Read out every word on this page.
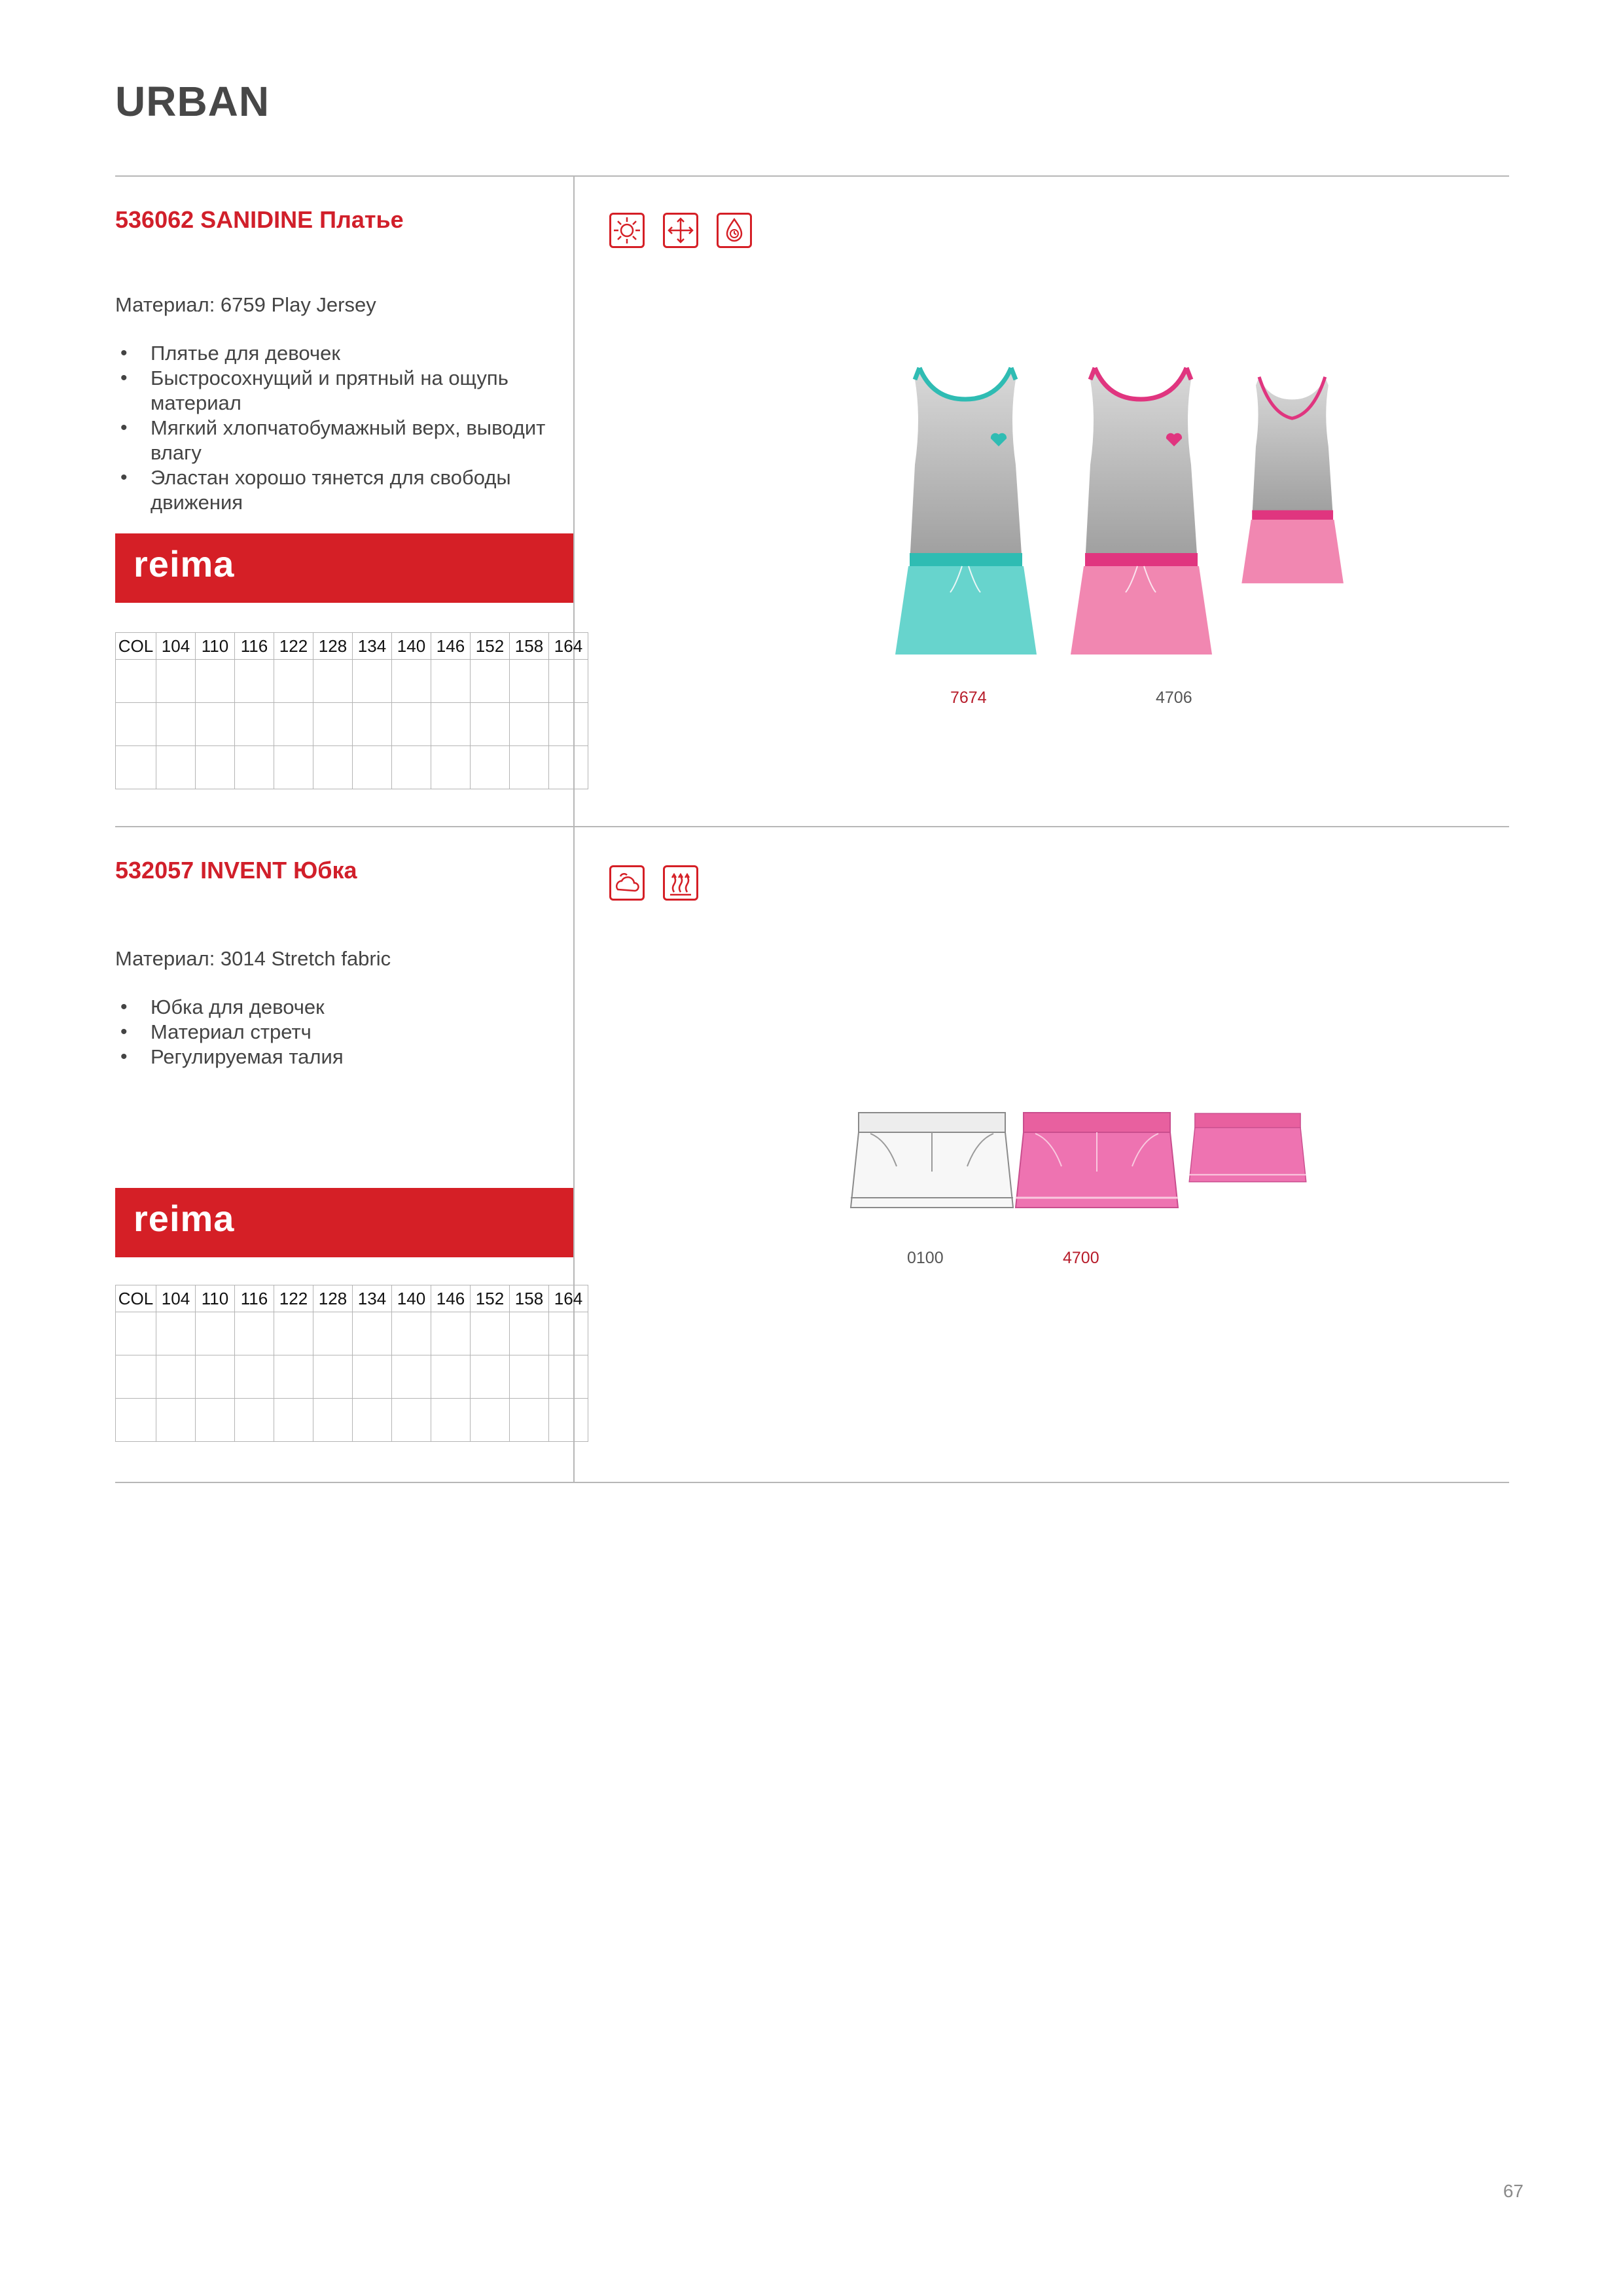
URBAN
536062 SANIDINE Платье
Материал: 6759 Play Jersey
• Плятье для девочек
• Быстросохнущий и прятный на ощупь материал
• Мягкий хлопчатобумажный верх, выводит влагу
• Эластан хорошо тянется для свободы движения
reima
COL	104	110	116	122	128	134	140	146	152	158	164

7674	4706
532057 INVENT Юбка
Материал: 3014 Stretch fabric
• Юбка для девочек
• Материал стретч
• Регулируемая талия
reima
COL	104	110	116	122	128	134	140	146	152	158	164

0100	4700
67
